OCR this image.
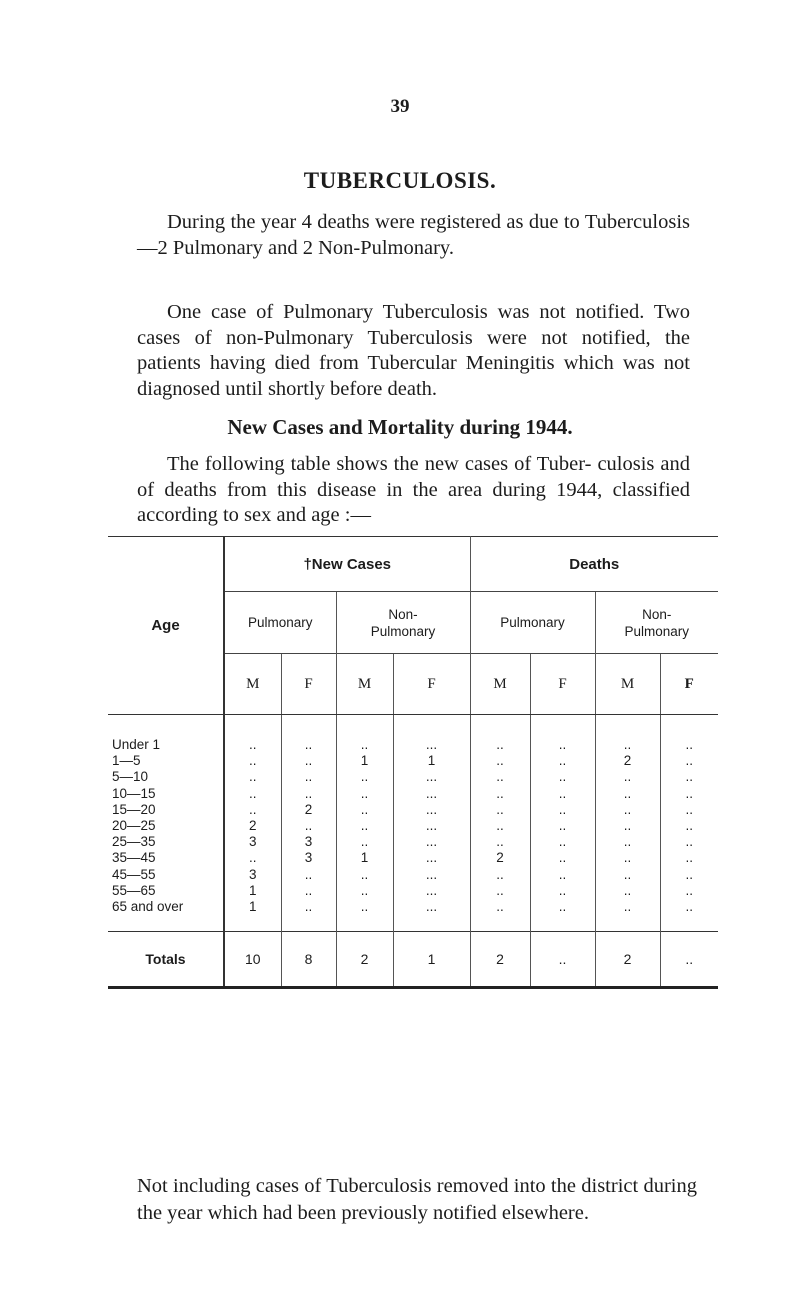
39
TUBERCULOSIS.

During the year 4 deaths were registered as due to Tuberculosis—2 Pulmonary and 2 Non-Pulmonary.

One case of Pulmonary Tuberculosis was not notified. Two cases of non-Pulmonary Tuberculosis were not notified, the patients having died from Tubercular Meningitis which was not diagnosed until shortly before death.

New Cases and Mortality during 1944.

The following table shows the new cases of Tuber- culosis and of deaths from this disease in the area during 1944, classified according to sex and age :—

Age	†New Cases				Deaths			
	Pulmonary		Non-
Pulmonary		Pulmonary		Non-
Pulmonary	
	M	F	M	F	M	F	M	F
Under 1	..	..	..	...	..	..	..	..
1—5	..	..	1	1	..	..	2	..
5—10	..	..	..	...	..	..	..	..
10—15	..	..	..	...	..	..	..	..
15—20	..	2	..	...	..	..	..	..
20—25	2	..	..	...	..	..	..	..
25—35	3	3	..	...	..	..	..	..
35—45	..	3	1	...	2	..	..	..
45—55	3	..	..	...	..	..	..	..
55—65	1	..	..	...	..	..	..	..
65 and over	1	..	..	...	..	..	..	..
Totals	10	8	2	1	2	..	2	..

Not including cases of Tuberculosis removed into the district during the year which had been previously notified elsewhere.
